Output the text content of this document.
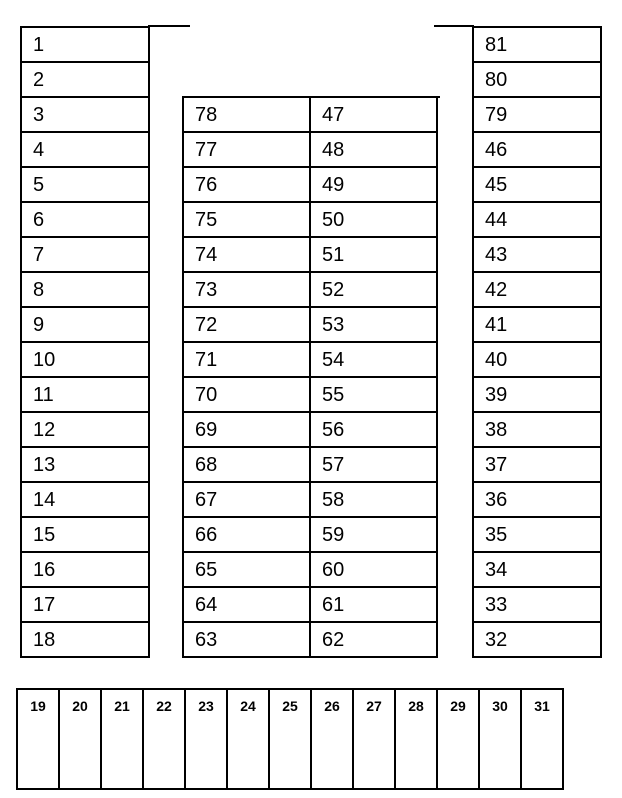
1
2
3
4
5
6
7
8
9
10
11
12
13
14
15
16
17
18
78	47
77	48
76	49
75	50
74	51
73	52
72	53
71	54
70	55
69	56
68	57
67	58
66	59
65	60
64	61
63	62
81
80
79
46
45
44
43
42
41
40
39
38
37
36
35
34
33
32
19	20	21	22	23	24	25	26	27	28	29	30	31
